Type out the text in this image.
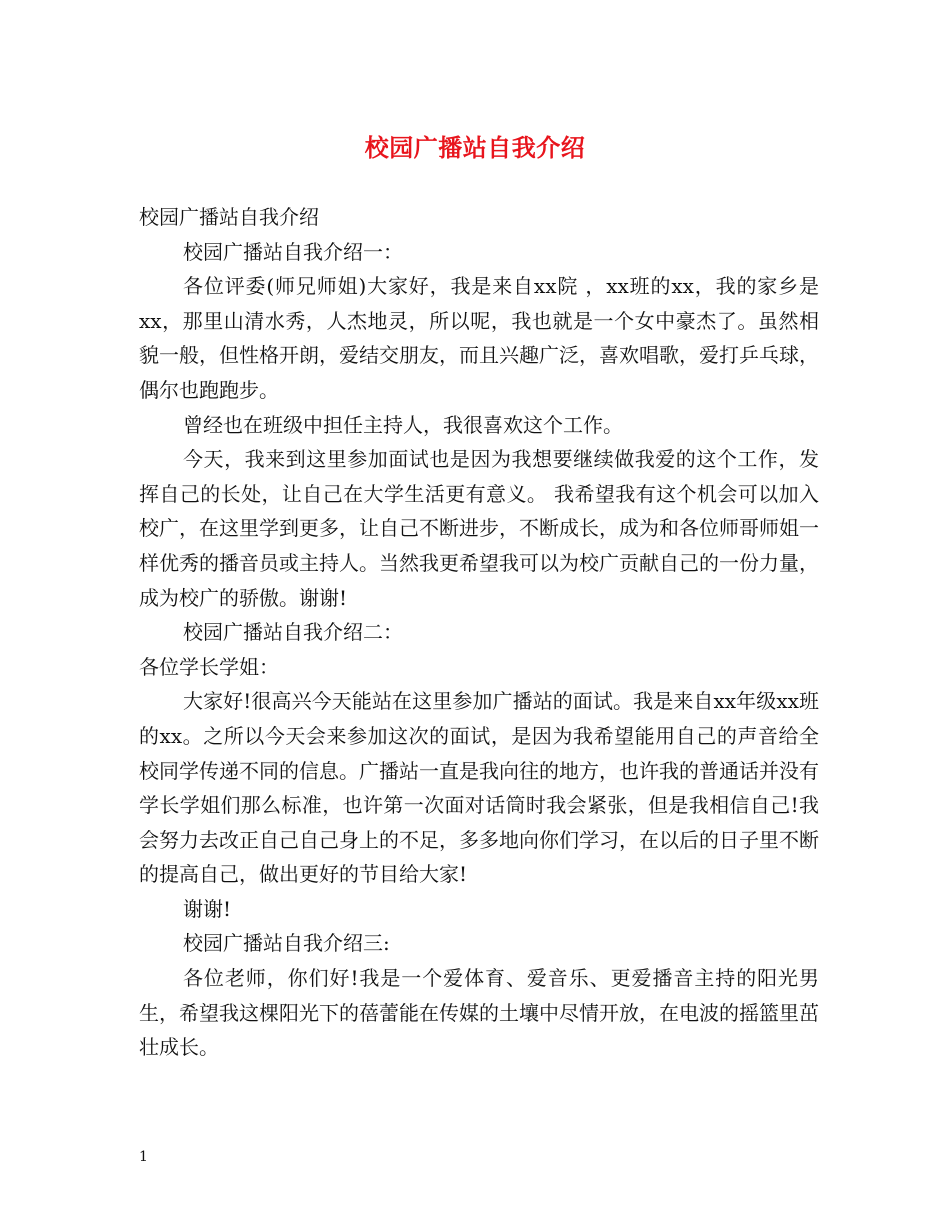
校园广播站自我介绍

校园广播站自我介绍

校园广播站自我介绍一：

各位评委(师兄师姐)大家好，我是来自xx院 ，xx班的xx，我的家乡是xx，那里山清水秀，人杰地灵，所以呢，我也就是一个女中豪杰了。虽然相貌一般，但性格开朗，爱结交朋友，而且兴趣广泛，喜欢唱歌，爱打乒乓球，偶尔也跑跑步。

曾经也在班级中担任主持人，我很喜欢这个工作。

今天，我来到这里参加面试也是因为我想要继续做我爱的这个工作，发挥自己的长处，让自己在大学生活更有意义。 我希望我有这个机会可以加入校广，在这里学到更多，让自己不断进步，不断成长，成为和各位师哥师姐一样优秀的播音员或主持人。当然我更希望我可以为校广贡献自己的一份力量，成为校广的骄傲。谢谢!

校园广播站自我介绍二：

各位学长学姐：

大家好!很高兴今天能站在这里参加广播站的面试。我是来自xx年级xx班的xx。之所以今天会来参加这次的面试，是因为我希望能用自己的声音给全校同学传递不同的信息。广播站一直是我向往的地方，也许我的普通话并没有学长学姐们那么标准，也许第一次面对话筒时我会紧张，但是我相信自己!我会努力去改正自己自己身上的不足，多多地向你们学习，在以后的日子里不断的提高自己，做出更好的节目给大家!

谢谢!

校园广播站自我介绍三:

各位老师，你们好!我是一个爱体育、爱音乐、更爱播音主持的阳光男生，希望我这棵阳光下的蓓蕾能在传媒的土壤中尽情开放，在电波的摇篮里茁壮成长。

1
